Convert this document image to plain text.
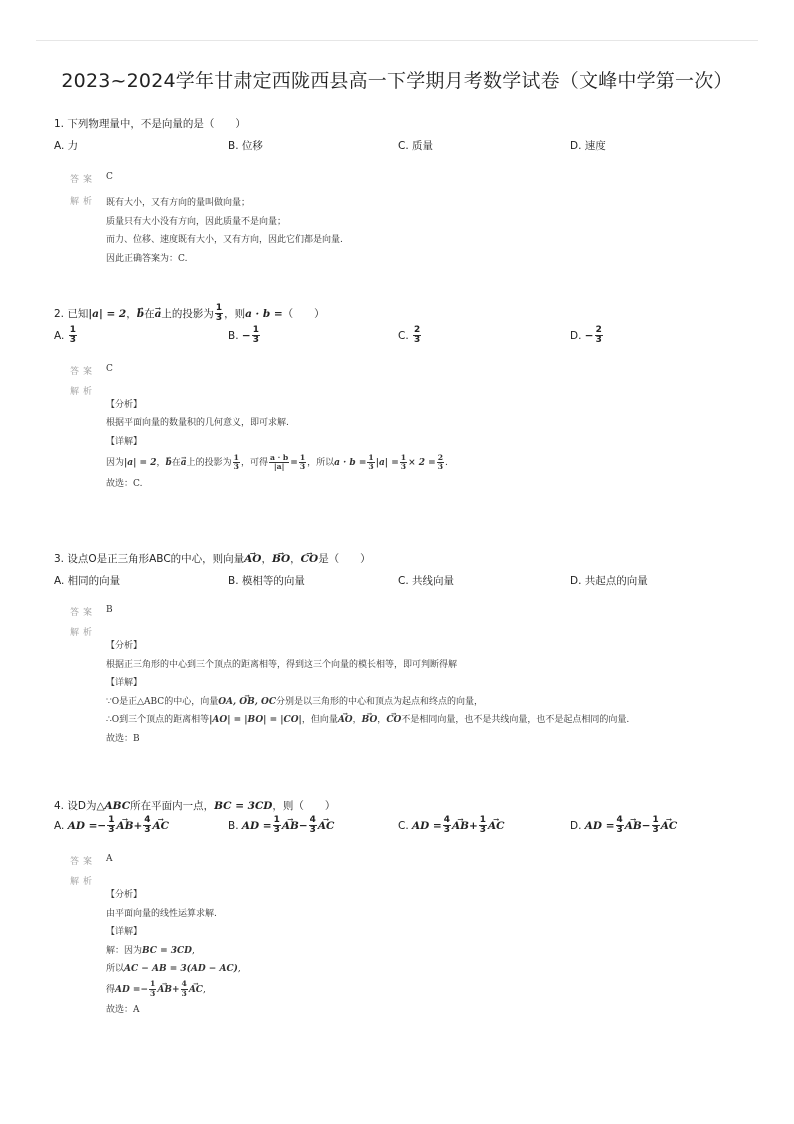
2023~2024学年甘肃定西陇西县高一下学期月考数学试卷（文峰中学第一次）
1. 下列物理量中，不是向量的是（　　）
A. 力	B. 位移	C. 质量	D. 速度
答案 C
解析 既有大小，又有方向的量叫做向量；
质量只有大小没有方向，因此质量不是向量；
而力、位移、速度既有大小，又有方向，因此它们都是向量.
因此正确答案为：C.
2. 已知|a| = 2，→ b在→ a上的投影为 $\frac{1}{3}$ ，则a · b =（　　）
A. $\frac{1}{3}$	B. − $\frac{1}{3}$	C. $\frac{2}{3}$	D. − $\frac{2}{3}$
答案 C
解析
【分析】
根据平面向量的数量积的几何意义，即可求解.
【详解】
因为|a| = 2，→ b在→ a上的投影为 $\frac{1}{3}$ ，可得 $\frac{a \cdot b}{|a|} = \frac{1}{3}$ ，所以$a \cdot b = \frac{1}{3} |a| = \frac{1}{3} \times 2 = \frac{2}{3}$ .
故选：C.
3. 设点O是正三角形ABC的中心，则向量→ AO，→ BO，→ CO是（　　）
A. 相同的向量	B. 模相等的向量	C. 共线向量	D. 共起点的向量
答案 B
解析
【分析】
根据正三角形的中心到三个顶点的距离相等，得到这三个向量的模长相等，即可判断得解
【详解】
∵O是正△ABC的中心，向量→ OA, OB, OC分别是以三角形的中心和顶点为起点和终点的向量，
∴O到三个顶点的距离相等|AO| = |BO| = |CO|，但向量→ AO，→ BO，→ CO不是相同向量，也不是共线向量，也不是起点相同的向量.
故选：B
4. 设D为△ABC所在平面内一点，BC = 3CD，则（　　）
A. AD =− $\frac{1}{3}$
→ $AB+ \frac{4}{3}$
→ AC	B. AD = $\frac{1}{3}$
→ $AB- \frac{4}{3}$
→ AC	C. AD = $\frac{4}{3}$
→ $AB+ \frac{1}{3}$
→ AC	D. AD = $\frac{4}{3}$
→ $AB- \frac{1}{3}$
→ AC
答案 A
解析
【分析】
由平面向量的线性运算求解.
【详解】
解：因为BC = 3CD,
所以AC − AB = 3(AD − AC),
得AD =− $\frac{1}{3}$
→ $AB+ \frac{4}{3}$
→ AC,
故选：A
